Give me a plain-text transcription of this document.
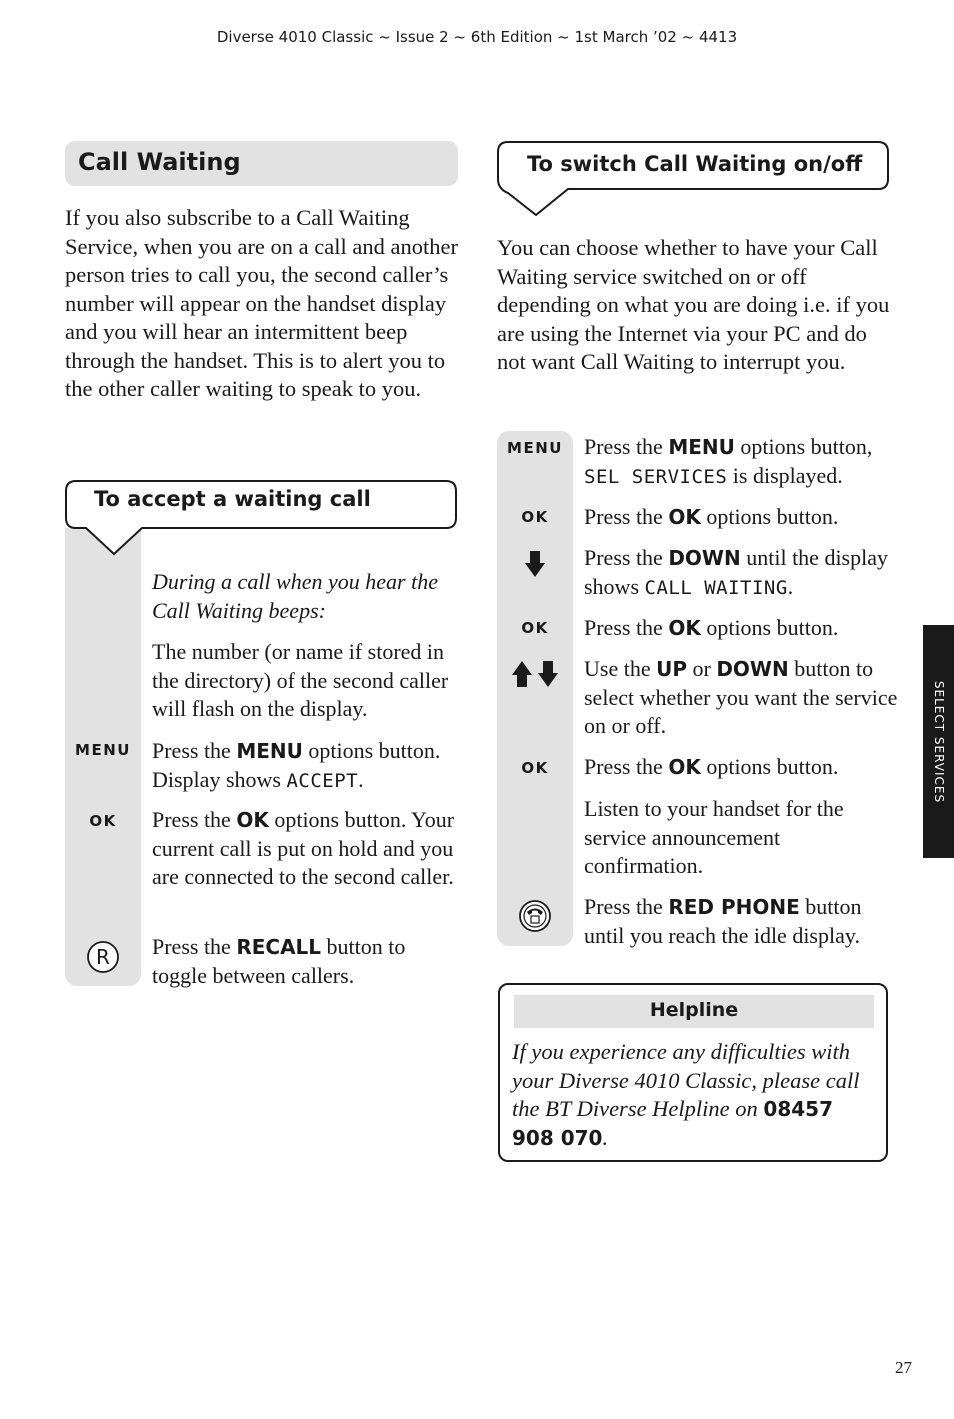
Diverse 4010 Classic ~ Issue 2 ~ 6th Edition ~ 1st March ’02 ~ 4413
SELECT SERVICES
Call Waiting
If you also subscribe to a Call Waiting Service, when you are on a call and another person tries to call you, the second caller’s number will appear on the handset display and you will hear an intermittent beep through the handset. This is to alert you to the other caller waiting to speak to you.
To accept a waiting call
During a call when you hear the Call Waiting beeps:
The number (or name if stored in the directory) of the second caller will flash on the display.
MENU Press the MENU options button. Display shows ACCEPT.
OK	Press the OK options button. Your current call is put on hold and you are connected to the second caller.
R Press the RECALL button to toggle between callers.
To switch Call Waiting on/off
You can choose whether to have your Call Waiting service switched on or off depending on what you are doing i.e. if you are using the Internet via your PC and do not want Call Waiting to interrupt you.
MENU Press the MENU options button, SEL SERVICES is displayed.
OK	Press the OK options button.
Press the DOWN until the display shows CALL WAITING.
OK	Press the OK options button.
Use the UP or DOWN button to select whether you want the service on or off.
OK	Press the OK options button.
Listen to your handset for the service announcement confirmation.
Press the RED PHONE button until you reach the idle display.
Helpline
If you experience any difficulties with your Diverse 4010 Classic, please call the BT Diverse Helpline on 08457 908 070.
27
